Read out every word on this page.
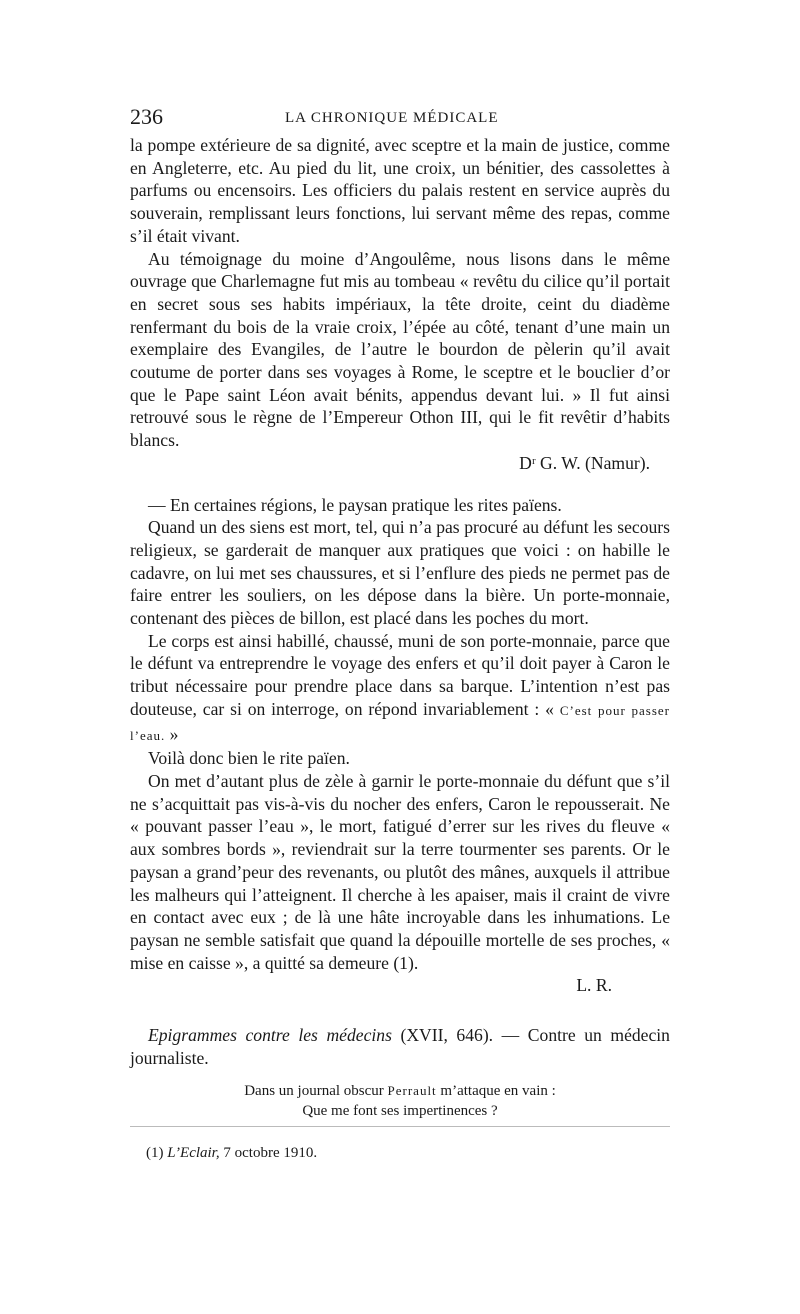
236	LA CHRONIQUE MÉDICALE

la pompe extérieure de sa dignité, avec sceptre et la main de justice, comme en Angleterre, etc. Au pied du lit, une croix, un bénitier, des cassolettes à parfums ou encensoirs. Les officiers du palais restent en service auprès du souverain, remplissant leurs fonctions, lui servant même des repas, comme s’il était vivant.

Au témoignage du moine d’Angoulême, nous lisons dans le même ouvrage que Charlemagne fut mis au tombeau « revêtu du cilice qu’il portait en secret sous ses habits impériaux, la tête droite, ceint du diadème renfermant du bois de la vraie croix, l’épée au côté, tenant d’une main un exemplaire des Evangiles, de l’autre le bourdon de pèlerin qu’il avait coutume de porter dans ses voyages à Rome, le sceptre et le bouclier d’or que le Pape saint Léon avait bénits, appendus devant lui. » Il fut ainsi retrouvé sous le règne de l’Empereur Othon III, qui le fit revêtir d’habits blancs.

Dʳ G. W. (Namur).

— En certaines régions, le paysan pratique les rites païens.

Quand un des siens est mort, tel, qui n’a pas procuré au défunt les secours religieux, se garderait de manquer aux pratiques que voici : on habille le cadavre, on lui met ses chaussures, et si l’enflure des pieds ne permet pas de faire entrer les souliers, on les dépose dans la bière. Un porte-monnaie, contenant des pièces de billon, est placé dans les poches du mort.

Le corps est ainsi habillé, chaussé, muni de son porte-monnaie, parce que le défunt va entreprendre le voyage des enfers et qu’il doit payer à Caron le tribut nécessaire pour prendre place dans sa barque. L’intention n’est pas douteuse, car si on interroge, on répond invariablement : « C’est pour passer l’eau. »

Voilà donc bien le rite païen.

On met d’autant plus de zèle à garnir le porte-monnaie du défunt que s’il ne s’acquittait pas vis-à-vis du nocher des enfers, Caron le repousserait. Ne « pouvant passer l’eau », le mort, fatigué d’errer sur les rives du fleuve « aux sombres bords », reviendrait sur la terre tourmenter ses parents. Or le paysan a grand’peur des revenants, ou plutôt des mânes, auxquels il attribue les malheurs qui l’atteignent. Il cherche à les apaiser, mais il craint de vivre en contact avec eux ; de là une hâte incroyable dans les inhumations. Le paysan ne semble satisfait que quand la dépouille mortelle de ses proches, « mise en caisse », a quitté sa demeure (1).

L. R.

Epigrammes contre les médecins (XVII, 646). — Contre un médecin journaliste.

Dans un journal obscur Perrault m’attaque en vain :

Que me font ses impertinences ?

(1) L’Eclair, 7 octobre 1910.
